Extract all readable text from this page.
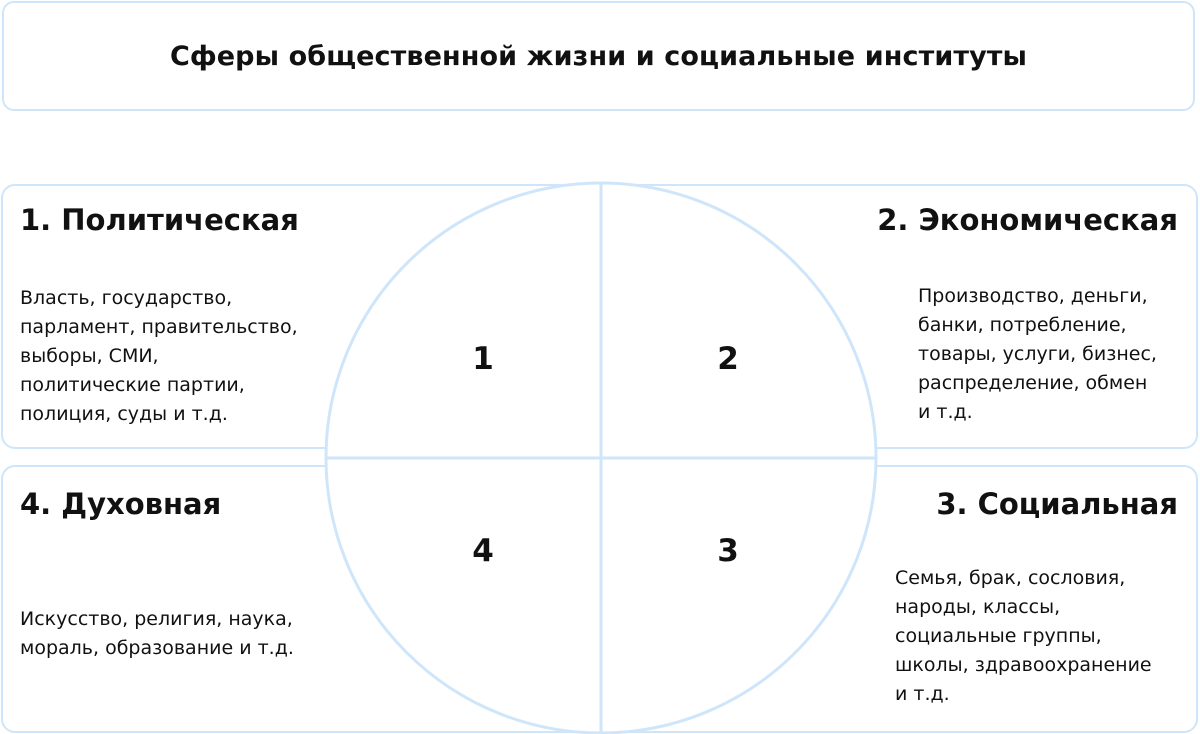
Сферы общественной жизни и социальные институты
1. Политическая
Власть, государство,
парламент, правительство,
выборы, СМИ,
политические партии,
полиция, суды и т.д.
2. Экономическая
Производство, деньги,
банки, потребление,
товары, услуги, бизнес,
распределение, обмен
и т.д.
3. Социальная
Семья, брак, сословия,
народы, классы,
социальные группы,
школы, здравоохранение
и т.д.
4. Духовная
Искусство, религия, наука,
мораль, образование и т.д.
1	2
3
4
